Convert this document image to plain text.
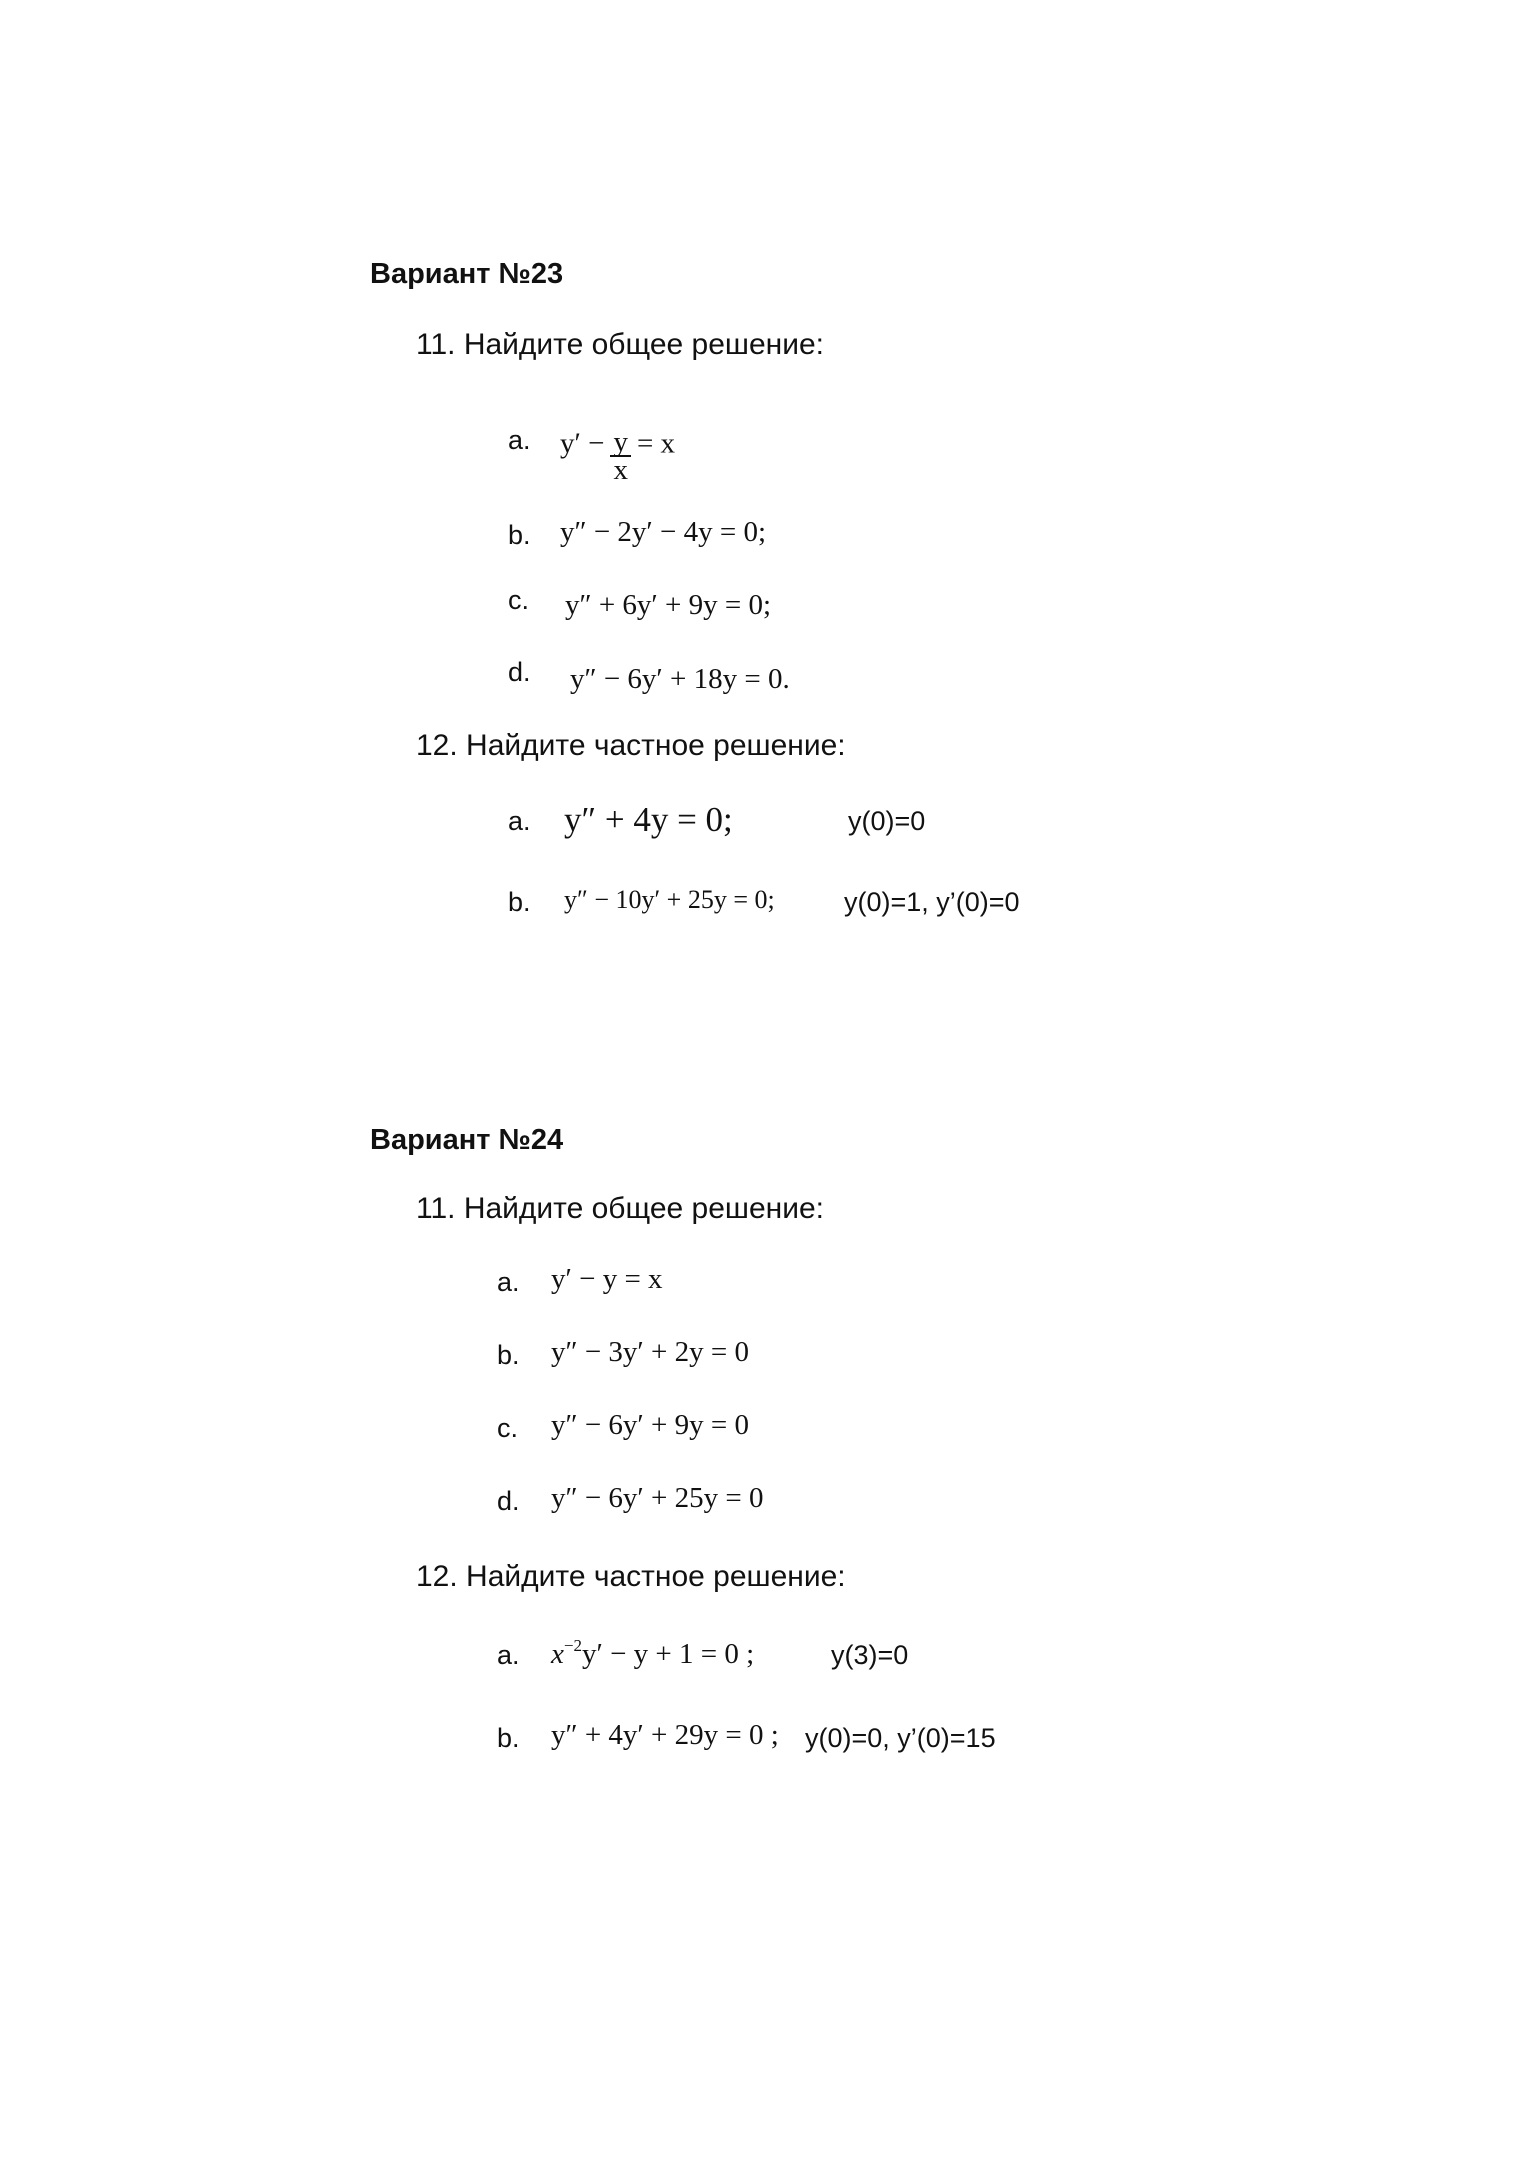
Вариант №23
11. Найдите общее решение:
a. $y' - \frac{y}{x} = x$
b. y″ − 2y′ − 4y = 0;
c. y″ + 6y′ + 9y = 0;
d. y″ − 6y′ + 18y = 0.
12. Найдите частное решение:
a. y″ + 4y = 0;	y(0)=0
b. y″ − 10y′ + 25y = 0;	y(0)=1, y’(0)=0
Вариант №24
11. Найдите общее решение:
a. y′ − y = x
b. y″ − 3y′ + 2y = 0
c. y″ − 6y′ + 9y = 0
d. y″ − 6y′ + 25y = 0
12. Найдите частное решение:
a. $x^{-2}y' - y + 1 = 0$ ;	y(3)=0
b. y″ + 4y′ + 29y = 0 ; y(0)=0, y’(0)=15
